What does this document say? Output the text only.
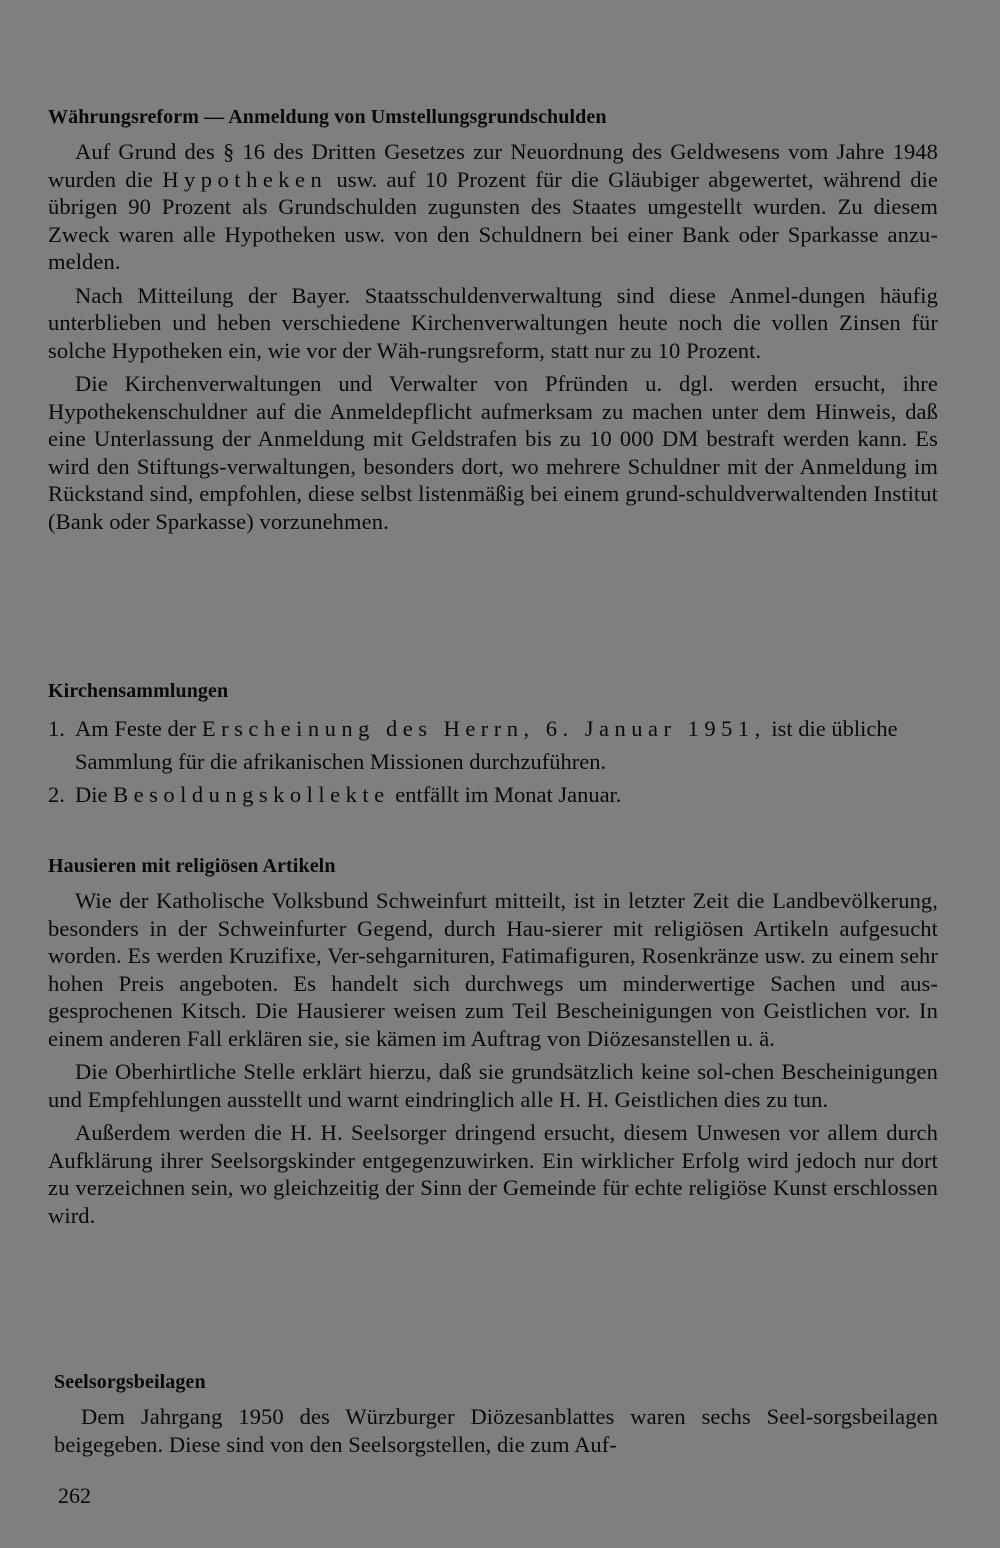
Währungsreform — Anmeldung von Umstellungsgrundschulden

Auf Grund des § 16 des Dritten Gesetzes zur Neuordnung des Geldwesens vom Jahre 1948 wurden die Hypotheken usw. auf 10 Prozent für die Gläubiger abgewertet, während die übrigen 90 Prozent als Grundschulden zugunsten des Staates umgestellt wurden. Zu diesem Zweck waren alle Hypotheken usw. von den Schuldnern bei einer Bank oder Sparkasse anzu-melden.

Nach Mitteilung der Bayer. Staatsschuldenverwaltung sind diese Anmel-dungen häufig unterblieben und heben verschiedene Kirchenverwaltungen heute noch die vollen Zinsen für solche Hypotheken ein, wie vor der Wäh-rungsreform, statt nur zu 10 Prozent.

Die Kirchenverwaltungen und Verwalter von Pfründen u. dgl. werden ersucht, ihre Hypothekenschuldner auf die Anmeldepflicht aufmerksam zu machen unter dem Hinweis, daß eine Unterlassung der Anmeldung mit Geldstrafen bis zu 10 000 DM bestraft werden kann. Es wird den Stiftungs-verwaltungen, besonders dort, wo mehrere Schuldner mit der Anmeldung im Rückstand sind, empfohlen, diese selbst listenmäßig bei einem grund-schuldverwaltenden Institut (Bank oder Sparkasse) vorzunehmen.

Kirchensammlungen
1. Am Feste der Erscheinung des Herrn, 6. Januar 1951, ist die übliche Sammlung für die afrikanischen Missionen durchzuführen.
2. Die Besoldungskollekte entfällt im Monat Januar.
Hausieren mit religiösen Artikeln

Wie der Katholische Volksbund Schweinfurt mitteilt, ist in letzter Zeit die Landbevölkerung, besonders in der Schweinfurter Gegend, durch Hau-sierer mit religiösen Artikeln aufgesucht worden. Es werden Kruzifixe, Ver-sehgarnituren, Fatimafiguren, Rosenkränze usw. zu einem sehr hohen Preis angeboten. Es handelt sich durchwegs um minderwertige Sachen und aus-gesprochenen Kitsch. Die Hausierer weisen zum Teil Bescheinigungen von Geistlichen vor. In einem anderen Fall erklären sie, sie kämen im Auftrag von Diözesanstellen u. ä.

Die Oberhirtliche Stelle erklärt hierzu, daß sie grundsätzlich keine sol-chen Bescheinigungen und Empfehlungen ausstellt und warnt eindringlich alle H. H. Geistlichen dies zu tun.

Außerdem werden die H. H. Seelsorger dringend ersucht, diesem Unwesen vor allem durch Aufklärung ihrer Seelsorgskinder entgegenzuwirken. Ein wirklicher Erfolg wird jedoch nur dort zu verzeichnen sein, wo gleichzeitig der Sinn der Gemeinde für echte religiöse Kunst erschlossen wird.

Seelsorgsbeilagen

Dem Jahrgang 1950 des Würzburger Diözesanblattes waren sechs Seel-sorgsbeilagen beigegeben. Diese sind von den Seelsorgstellen, die zum Auf-

262
